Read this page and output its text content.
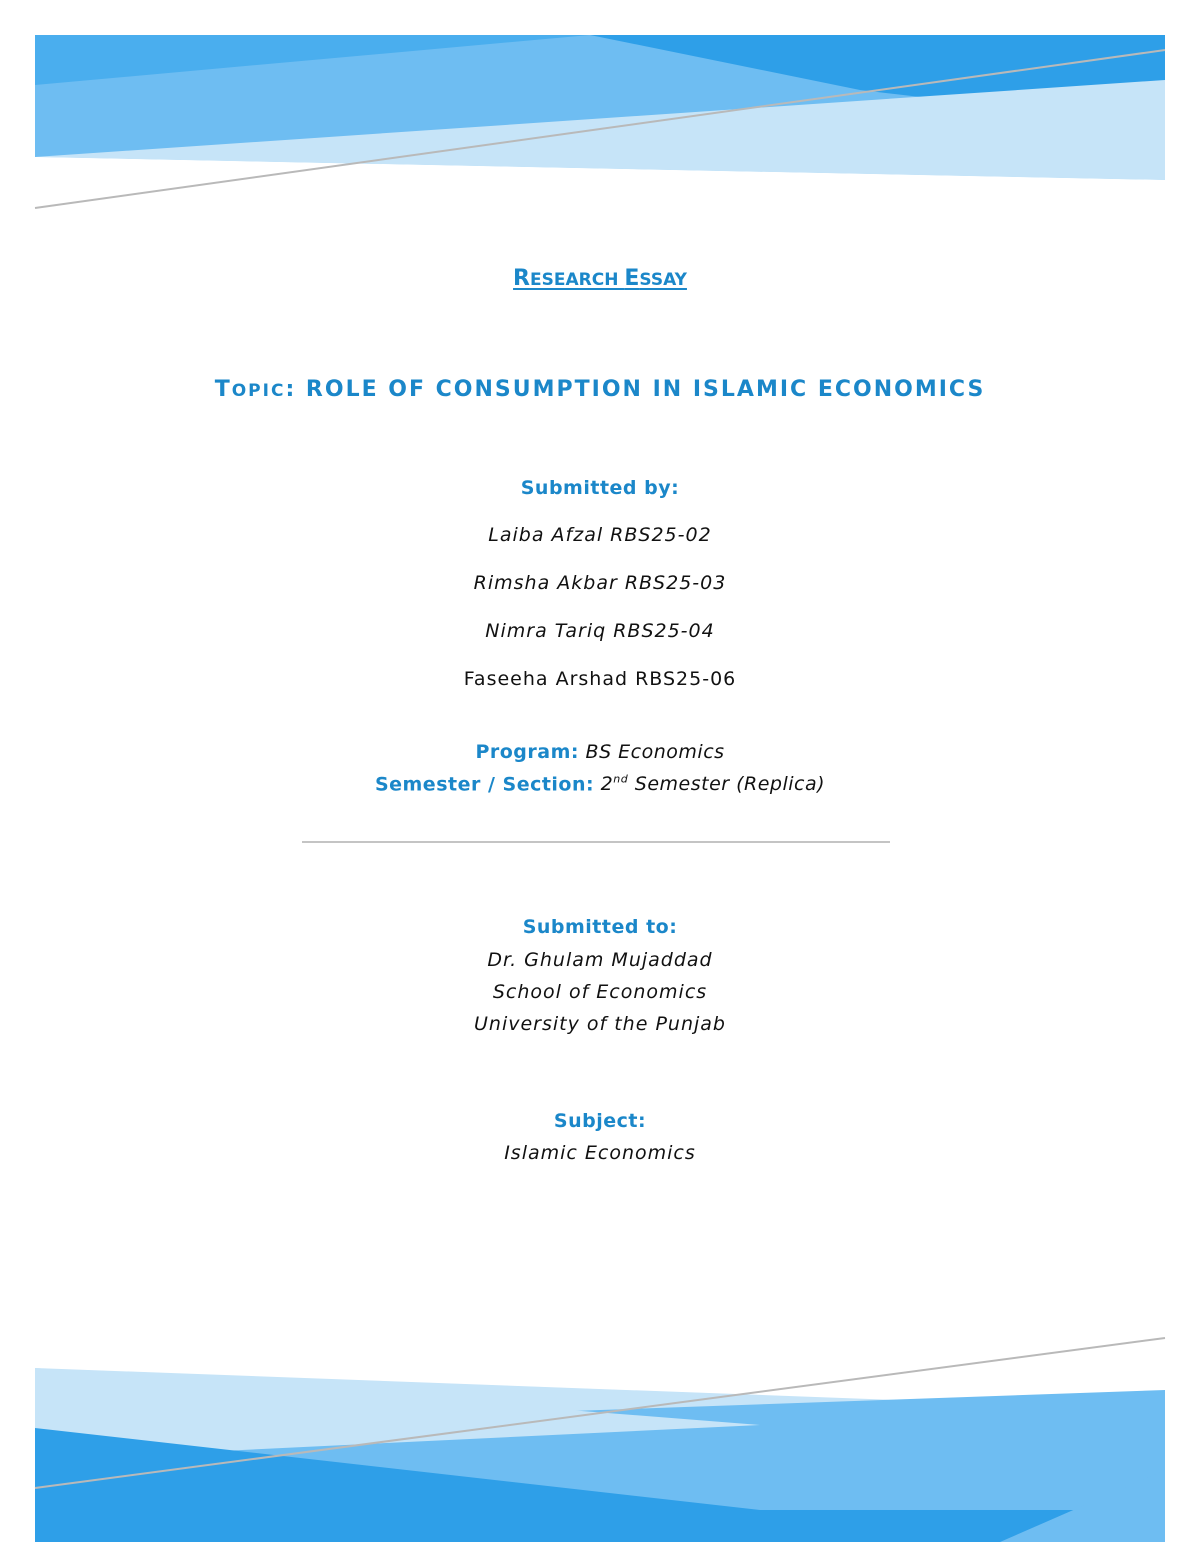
RESEARCH ESSAY
TOPIC: ROLE OF CONSUMPTION IN ISLAMIC ECONOMICS
Submitted by:
Laiba Afzal RBS25-02
Rimsha Akbar RBS25-03
Nimra Tariq RBS25-04
Faseeha Arshad RBS25-06
Program: BS Economics
Semester / Section: 2nd Semester (Replica)
Submitted to:
Dr. Ghulam Mujaddad
School of Economics
University of the Punjab
Subject:
Islamic Economics
